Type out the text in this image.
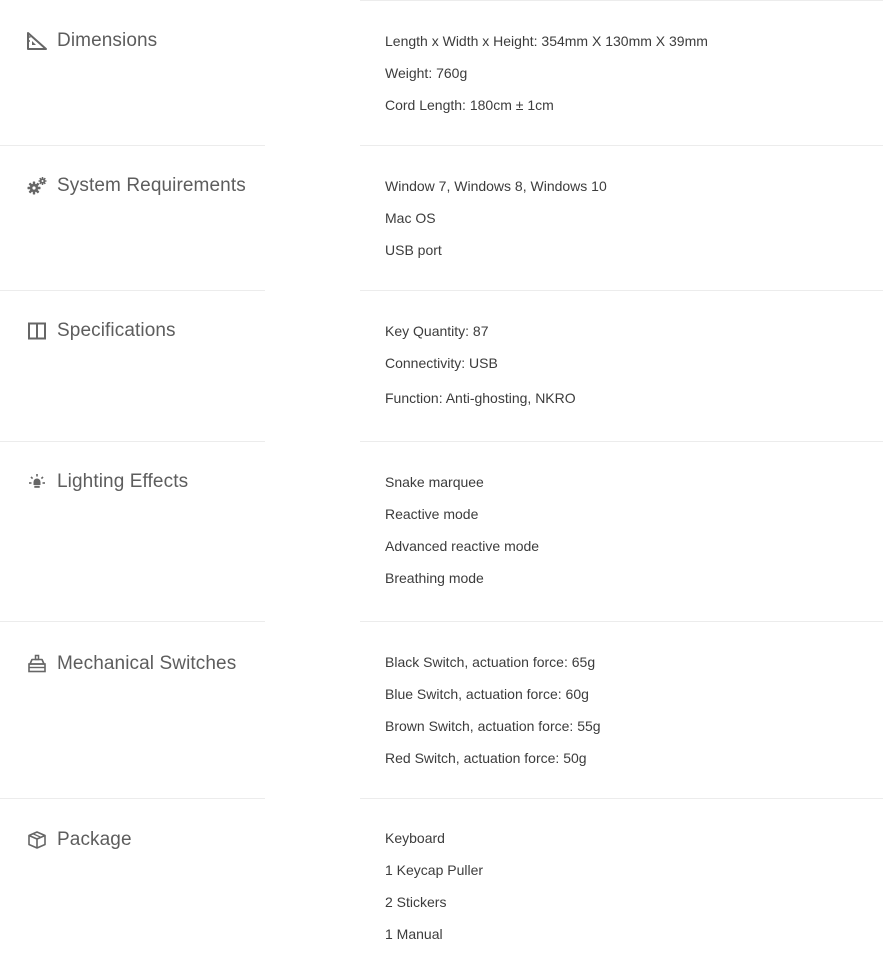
Dimensions	Length x Width x Height: 354mm X 130mm X 39mm
Weight: 760g
Cord Length: 180cm ± 1cm
System Requirements	Window 7, Windows 8, Windows 10
Mac OS
USB port
Specifications	Key Quantity: 87
Connectivity: USB
Function: Anti-ghosting, NKRO
Lighting Effects	Snake marquee
Reactive mode
Advanced reactive mode
Breathing mode
Mechanical Switches	Black Switch, actuation force: 65g
Blue Switch, actuation force: 60g
Brown Switch, actuation force: 55g
Red Switch, actuation force: 50g
Package	Keyboard
1 Keycap Puller
2 Stickers
1 Manual
